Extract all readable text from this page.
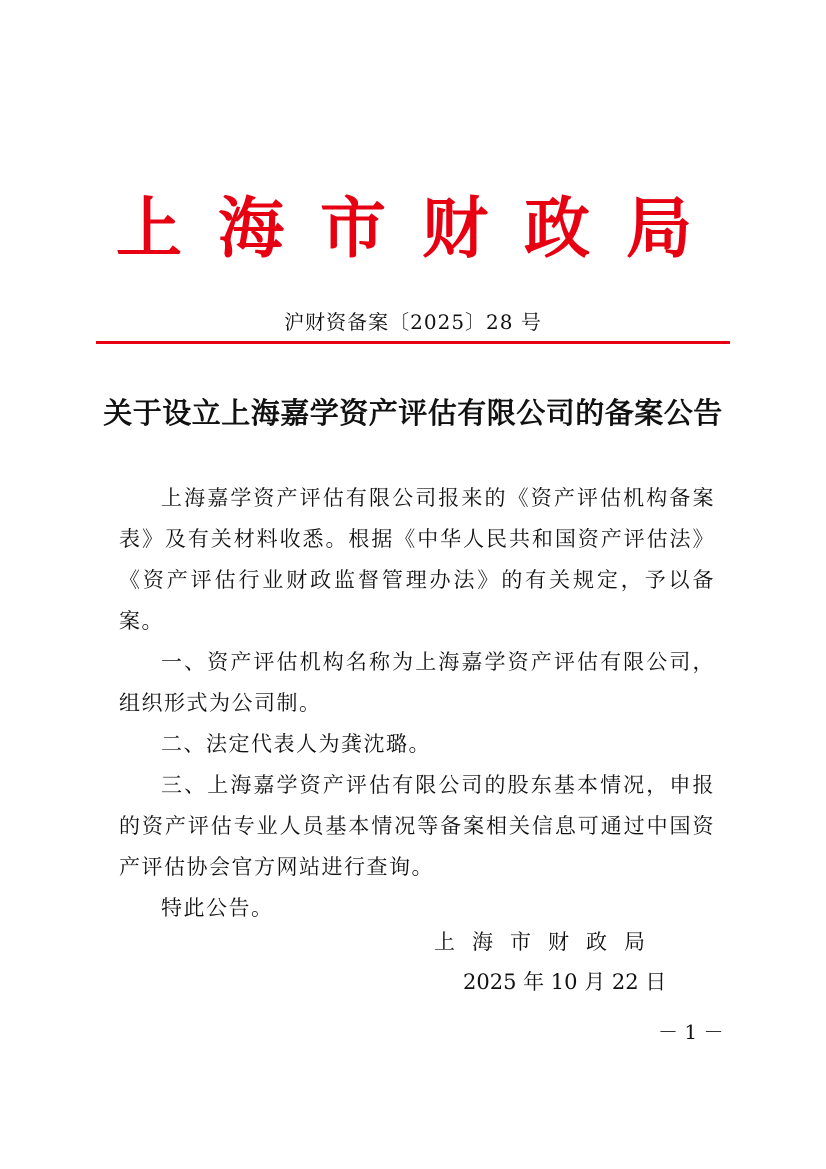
上海市财政局
沪财资备案〔2025〕28 号
关于设立上海嘉学资产评估有限公司的备案公告

上海嘉学资产评估有限公司报来的《资产评估机构备案表》及有关材料收悉。根据《中华人民共和国资产评估法》《资产评估行业财政监督管理办法》的有关规定，予以备案。

一、资产评估机构名称为上海嘉学资产评估有限公司，组织形式为公司制。

二、法定代表人为龚沈璐。

三、上海嘉学资产评估有限公司的股东基本情况，申报的资产评估专业人员基本情况等备案相关信息可通过中国资产评估协会官方网站进行查询。

特此公告。

上海市财政局
2025 年 10 月 22 日
－ 1 －
